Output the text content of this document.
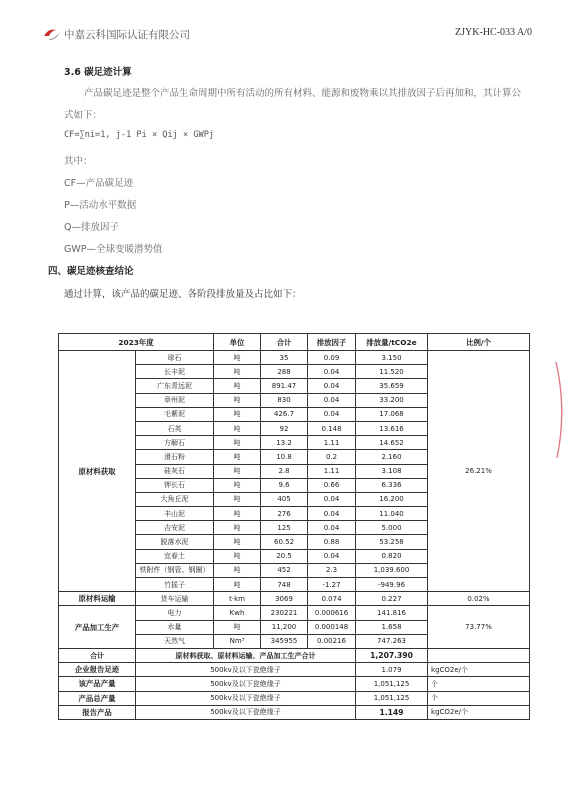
中嘉云科国际认证有限公司	ZJYK-HC-033 A/0
3.6 碳足迹计算
产品碳足迹是整个产品生命周期中所有活动的所有材料、能源和废物乘以其排放因子后再加和，其计算公
式如下：
CF=∑ni=1, j-1 Pi × Qij × GWPj
其中：
CF—产品碳足迹
P—活动水平数据
Q—排放因子
GWP—全球变暖潜势值
四、碳足迹核查结论
通过计算，该产品的碳足迹、各阶段排放量及占比如下：
2023年度		单位	合计	排放因子	排放量/tCO2e	比例/个
原材料获取	球石	吨	35	0.09	3.150	26.21%
	长丰泥	吨	288	0.04	11.520	
	广东青远泥	吨	891.47	0.04	35.659	
	章州泥	吨	830	0.04	33.200	
	毛紫泥	吨	426.7	0.04	17.068	
	石英	吨	92	0.148	13.616	
	方解石	吨	13.2	1.11	14.652	
	滑石粉	吨	10.8	0.2	2.160	
	硅灰石	吨	2.8	1.11	3.108	
	钾长石	吨	9.6	0.66	6.336	
	大角丘泥	吨	405	0.04	16.200	
	丰山泥	吨	276	0.04	11.040	
	吉安泥	吨	125	0.04	5.000	
	脱落水泥	吨	60.52	0.88	53.258	
	宜春土	吨	20.5	0.04	0.820	
	铁附件（钢管、钢圈）	吨	452	2.3	1,039.600	
	竹摇子	吨	748	-1.27	-949.96	
原材料运输	货车运输	t·km	3069	0.074	0.227	0.02%
产品加工生产	电力	Kwh	230221	0.000616	141.816	73.77%
	水量	吨	11,200	0.000148	1.658	
	天然气	Nm³	345955	0.00216	747.263	
合计	原材料获取、原材料运输、产品加工生产合计				1,207.390	
企业报告足迹	500kv及以下瓷绝缘子				1.079	kgCO2e/个
该产品产量	500kv及以下瓷绝缘子				1,051,125	个
产品总产量	500kv及以下瓷绝缘子				1,051,125	个
报告产品	500kv及以下瓷绝缘子				1.149	kgCO2e/个
